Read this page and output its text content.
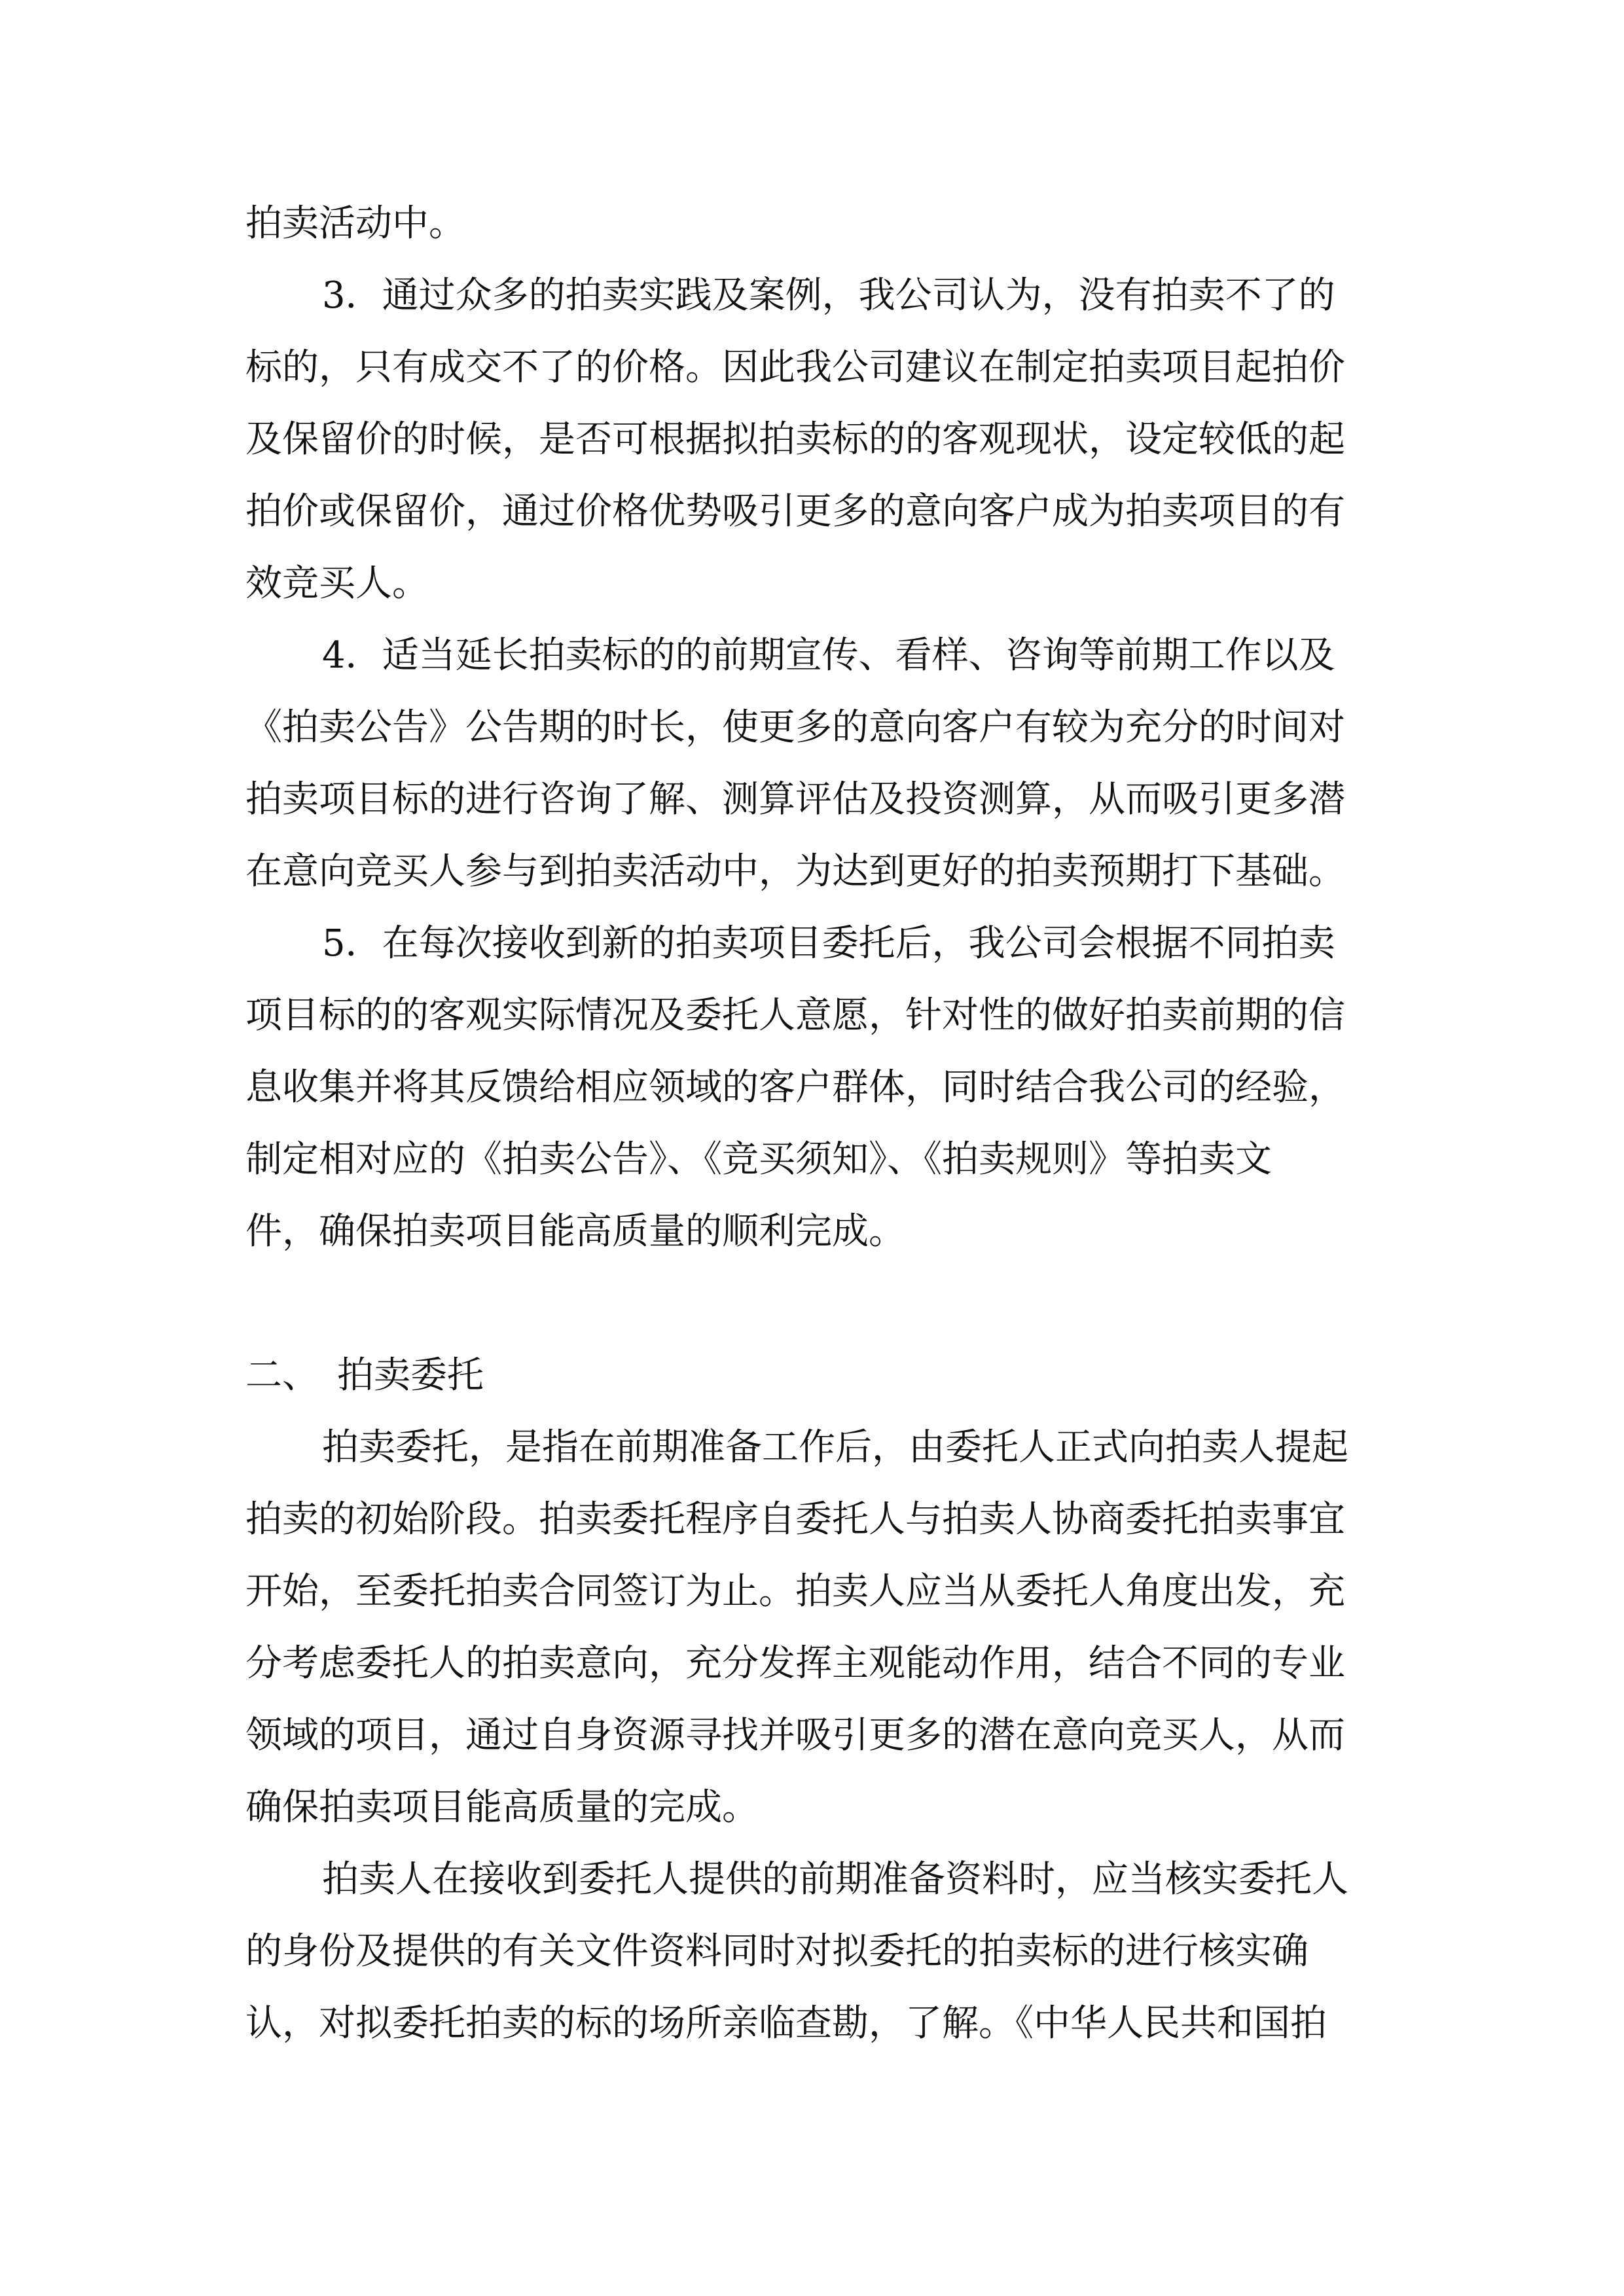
拍卖活动中。

3．通过众多的拍卖实践及案例，我公司认为，没有拍卖不了的

标的，只有成交不了的价格。因此我公司建议在制定拍卖项目起拍价

及保留价的时候，是否可根据拟拍卖标的的客观现状，设定较低的起

拍价或保留价，通过价格优势吸引更多的意向客户成为拍卖项目的有

效竞买人。

4．适当延长拍卖标的的前期宣传、看样、咨询等前期工作以及

《拍卖公告》公告期的时长，使更多的意向客户有较为充分的时间对

拍卖项目标的进行咨询了解、测算评估及投资测算，从而吸引更多潜

在意向竞买人参与到拍卖活动中，为达到更好的拍卖预期打下基础。

5．在每次接收到新的拍卖项目委托后，我公司会根据不同拍卖

项目标的的客观实际情况及委托人意愿，针对性的做好拍卖前期的信

息收集并将其反馈给相应领域的客户群体，同时结合我公司的经验，

制定相对应的《拍卖公告》、《竞买须知》、《拍卖规则》等拍卖文

件，确保拍卖项目能高质量的顺利完成。

二、　拍卖委托

拍卖委托，是指在前期准备工作后，由委托人正式向拍卖人提起

拍卖的初始阶段。拍卖委托程序自委托人与拍卖人协商委托拍卖事宜

开始，至委托拍卖合同签订为止。拍卖人应当从委托人角度出发，充

分考虑委托人的拍卖意向，充分发挥主观能动作用，结合不同的专业

领域的项目，通过自身资源寻找并吸引更多的潜在意向竞买人，从而

确保拍卖项目能高质量的完成。

拍卖人在接收到委托人提供的前期准备资料时，应当核实委托人

的身份及提供的有关文件资料同时对拟委托的拍卖标的进行核实确

认，对拟委托拍卖的标的场所亲临查勘，了解。《中华人民共和国拍
